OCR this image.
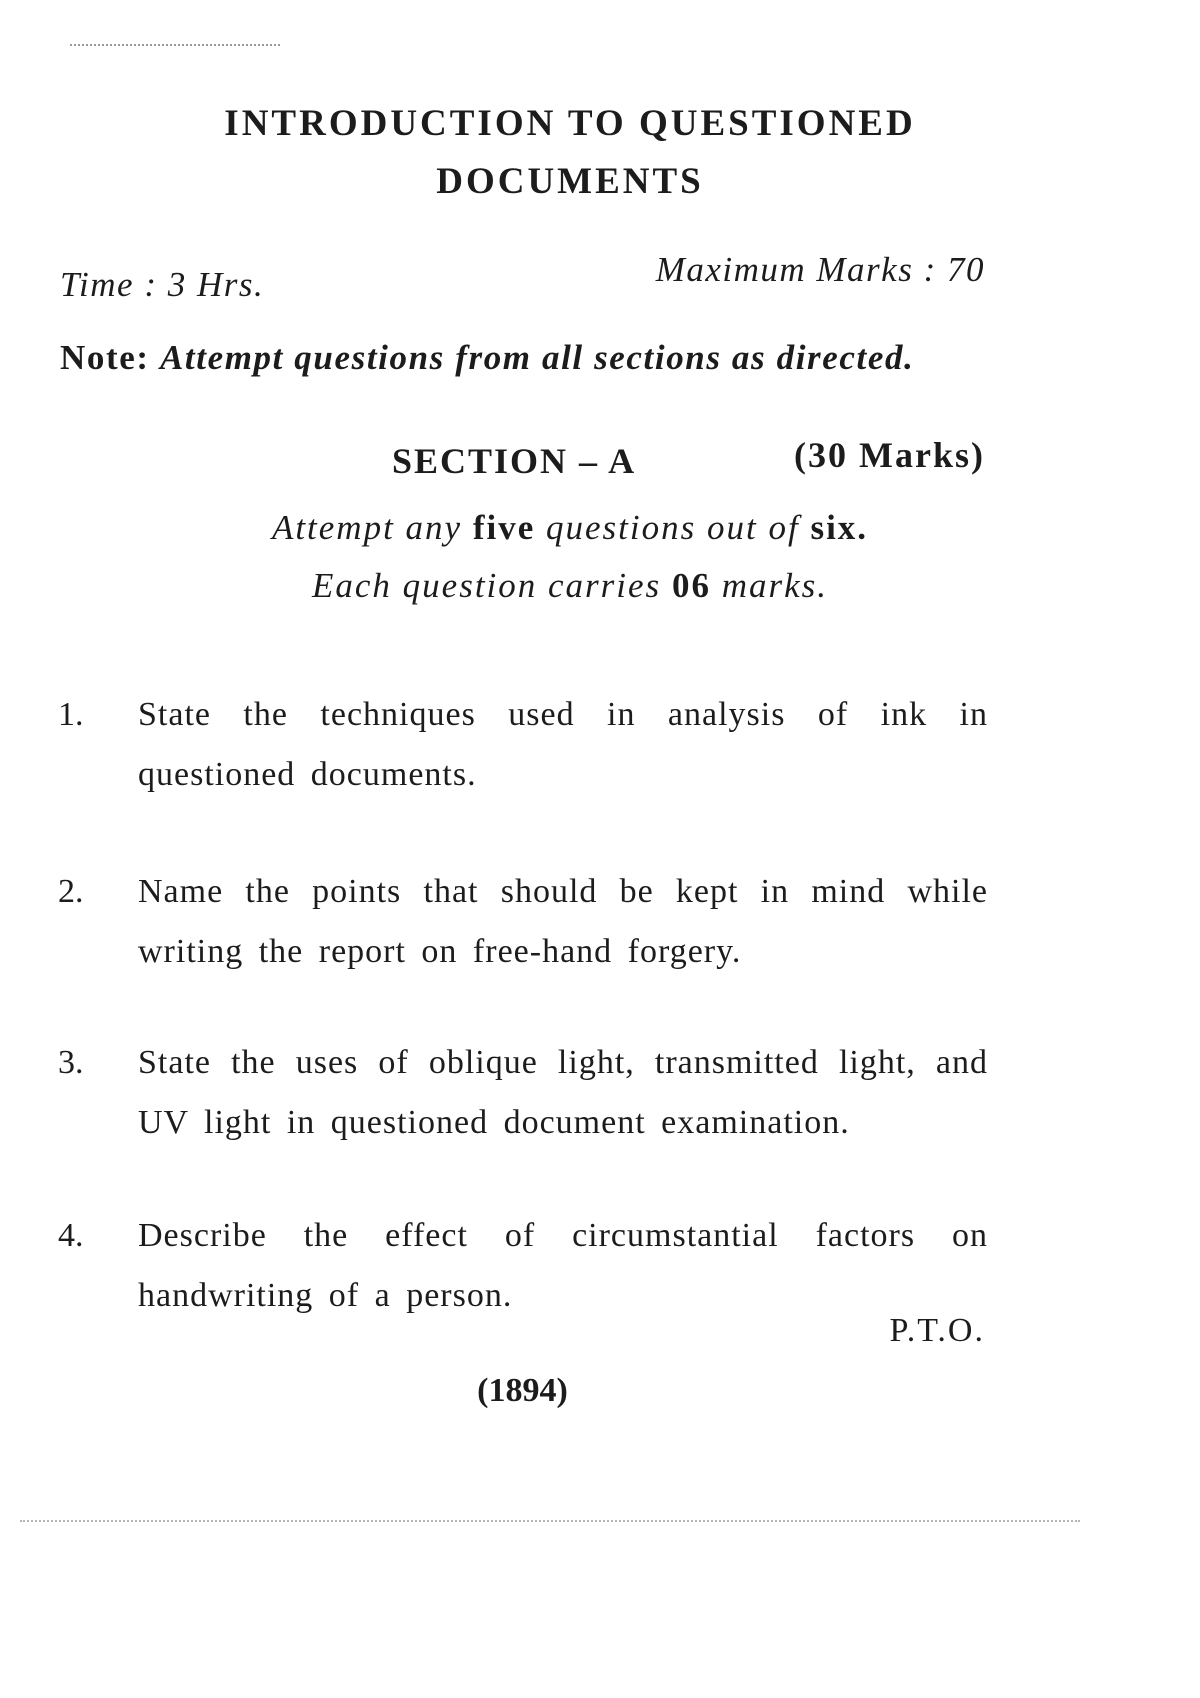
INTRODUCTION TO QUESTIONED
DOCUMENTS
Time : 3 Hrs.	Maximum Marks : 70
Note: Attempt questions from all sections as directed.
SECTION – A	(30 Marks)
Attempt any five questions out of six.
Each question carries 06 marks.
1.	State the techniques used in analysis of ink in questioned documents.
2.	Name the points that should be kept in mind while writing the report on free-hand forgery.
3.	State the uses of oblique light, transmitted light, and UV light in questioned document examination.
4.	Describe the effect of circumstantial factors on handwriting of a person.
P.T.O.
(1894)
